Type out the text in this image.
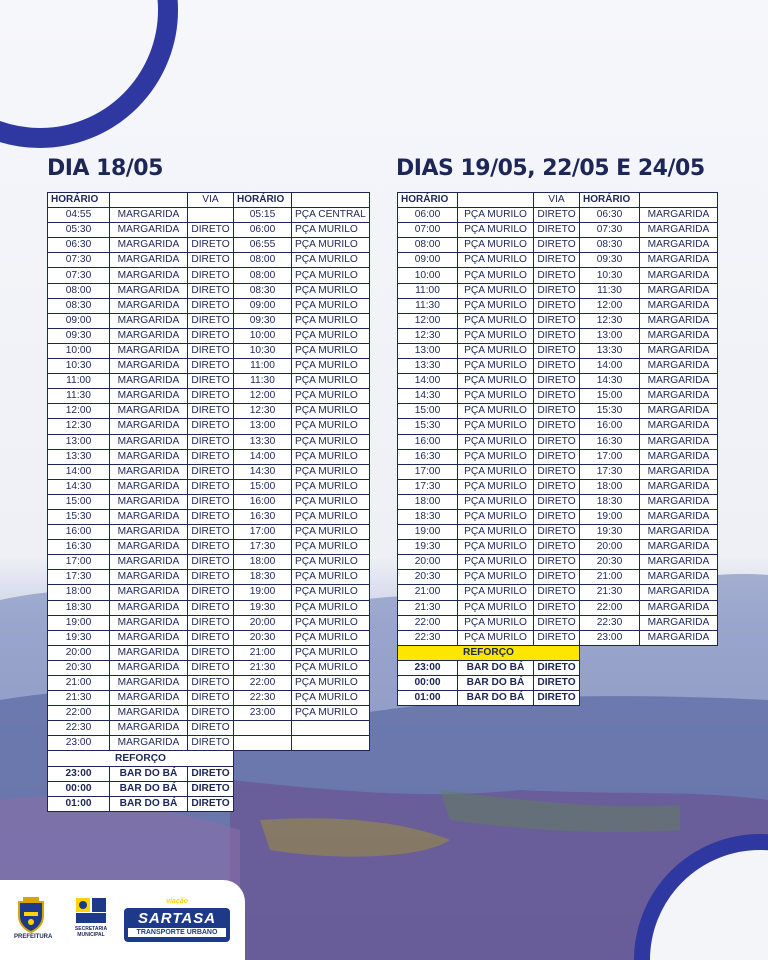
DIA 18/05	DIAS 19/05, 22/05 E 24/05
HORÁRIO		VIA	HORÁRIO	
04:55	MARGARIDA		05:15	PÇA CENTRAL
05:30	MARGARIDA	DIRETO	06:00	PÇA MURILO
06:30	MARGARIDA	DIRETO	06:55	PÇA MURILO
07:30	MARGARIDA	DIRETO	08:00	PÇA MURILO
07:30	MARGARIDA	DIRETO	08:00	PÇA MURILO
08:00	MARGARIDA	DIRETO	08:30	PÇA MURILO
08:30	MARGARIDA	DIRETO	09:00	PÇA MURILO
09:00	MARGARIDA	DIRETO	09:30	PÇA MURILO
09:30	MARGARIDA	DIRETO	10:00	PÇA MURILO
10:00	MARGARIDA	DIRETO	10:30	PÇA MURILO
10:30	MARGARIDA	DIRETO	11:00	PÇA MURILO
11:00	MARGARIDA	DIRETO	11:30	PÇA MURILO
11:30	MARGARIDA	DIRETO	12:00	PÇA MURILO
12:00	MARGARIDA	DIRETO	12:30	PÇA MURILO
12:30	MARGARIDA	DIRETO	13:00	PÇA MURILO
13:00	MARGARIDA	DIRETO	13:30	PÇA MURILO
13:30	MARGARIDA	DIRETO	14:00	PÇA MURILO
14:00	MARGARIDA	DIRETO	14:30	PÇA MURILO
14:30	MARGARIDA	DIRETO	15:00	PÇA MURILO
15:00	MARGARIDA	DIRETO	16:00	PÇA MURILO
15:30	MARGARIDA	DIRETO	16:30	PÇA MURILO
16:00	MARGARIDA	DIRETO	17:00	PÇA MURILO
16:30	MARGARIDA	DIRETO	17:30	PÇA MURILO
17:00	MARGARIDA	DIRETO	18:00	PÇA MURILO
17:30	MARGARIDA	DIRETO	18:30	PÇA MURILO
18:00	MARGARIDA	DIRETO	19:00	PÇA MURILO
18:30	MARGARIDA	DIRETO	19:30	PÇA MURILO
19:00	MARGARIDA	DIRETO	20:00	PÇA MURILO
19:30	MARGARIDA	DIRETO	20:30	PÇA MURILO
20:00	MARGARIDA	DIRETO	21:00	PÇA MURILO
20:30	MARGARIDA	DIRETO	21:30	PÇA MURILO
21:00	MARGARIDA	DIRETO	22:00	PÇA MURILO
21:30	MARGARIDA	DIRETO	22:30	PÇA MURILO
22:00	MARGARIDA	DIRETO	23:00	PÇA MURILO
22:30	MARGARIDA	DIRETO		
23:00	MARGARIDA	DIRETO		
REFORÇO				
23:00	BAR DO BÁ	DIRETO		
00:00	BAR DO BÁ	DIRETO		
01:00	BAR DO BÁ	DIRETO		
HORÁRIO		VIA	HORÁRIO	
06:00	PÇA MURILO	DIRETO	06:30	MARGARIDA
07:00	PÇA MURILO	DIRETO	07:30	MARGARIDA
08:00	PÇA MURILO	DIRETO	08:30	MARGARIDA
09:00	PÇA MURILO	DIRETO	09:30	MARGARIDA
10:00	PÇA MURILO	DIRETO	10:30	MARGARIDA
11:00	PÇA MURILO	DIRETO	11:30	MARGARIDA
11:30	PÇA MURILO	DIRETO	12:00	MARGARIDA
12:00	PÇA MURILO	DIRETO	12:30	MARGARIDA
12:30	PÇA MURILO	DIRETO	13:00	MARGARIDA
13:00	PÇA MURILO	DIRETO	13:30	MARGARIDA
13:30	PÇA MURILO	DIRETO	14:00	MARGARIDA
14:00	PÇA MURILO	DIRETO	14:30	MARGARIDA
14:30	PÇA MURILO	DIRETO	15:00	MARGARIDA
15:00	PÇA MURILO	DIRETO	15:30	MARGARIDA
15:30	PÇA MURILO	DIRETO	16:00	MARGARIDA
16:00	PÇA MURILO	DIRETO	16:30	MARGARIDA
16:30	PÇA MURILO	DIRETO	17:00	MARGARIDA
17:00	PÇA MURILO	DIRETO	17:30	MARGARIDA
17:30	PÇA MURILO	DIRETO	18:00	MARGARIDA
18:00	PÇA MURILO	DIRETO	18:30	MARGARIDA
18:30	PÇA MURILO	DIRETO	19:00	MARGARIDA
19:00	PÇA MURILO	DIRETO	19:30	MARGARIDA
19:30	PÇA MURILO	DIRETO	20:00	MARGARIDA
20:00	PÇA MURILO	DIRETO	20:30	MARGARIDA
20:30	PÇA MURILO	DIRETO	21:00	MARGARIDA
21:00	PÇA MURILO	DIRETO	21:30	MARGARIDA
21:30	PÇA MURILO	DIRETO	22:00	MARGARIDA
22:00	PÇA MURILO	DIRETO	22:30	MARGARIDA
22:30	PÇA MURILO	DIRETO	23:00	MARGARIDA
REFORÇO				
23:00	BAR DO BÁ	DIRETO		
00:00	BAR DO BÁ	DIRETO		
01:00	BAR DO BÁ	DIRETO		
PREFEITURA
SECRETARIA MUNICIPAL
viação
SARTASA
TRANSPORTE URBANO
